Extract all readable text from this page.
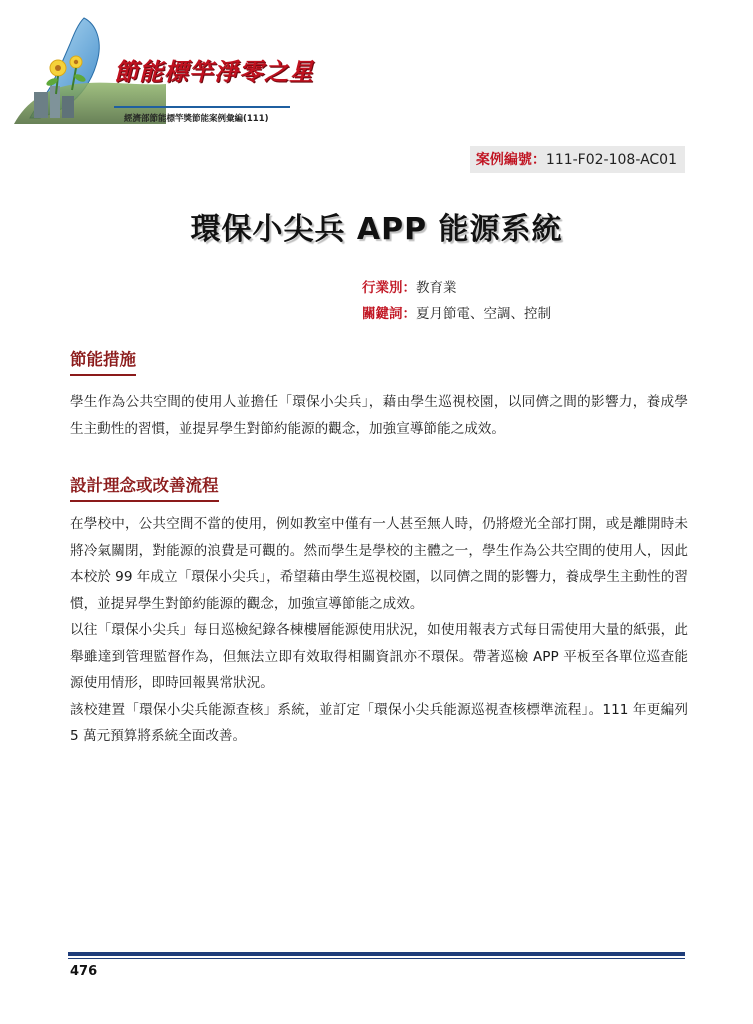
節能標竿淨零之星
經濟部節能標竿獎節能案例彙編(111)
案例編號：111-F02-108-AC01
環保小尖兵 APP 能源系統
行業別：教育業
關鍵詞：夏月節電、空調、控制
節能措施

學生作為公共空間的使用人並擔任「環保小尖兵」，藉由學生巡視校園，以同儕之間的影響力，養成學生主動性的習慣，並提昇學生對節約能源的觀念，加強宣導節能之成效。

設計理念或改善流程

在學校中，公共空間不當的使用，例如教室中僅有一人甚至無人時，仍將燈光全部打開，或是離開時未將冷氣關閉，對能源的浪費是可觀的。然而學生是學校的主體之一，學生作為公共空間的使用人，因此本校於 99 年成立「環保小尖兵」，希望藉由學生巡視校園，以同儕之間的影響力，養成學生主動性的習慣，並提昇學生對節約能源的觀念，加強宣導節能之成效。

以往「環保小尖兵」每日巡檢紀錄各棟樓層能源使用狀況，如使用報表方式每日需使用大量的紙張，此舉雖達到管理監督作為，但無法立即有效取得相關資訊亦不環保。帶著巡檢 APP 平板至各單位巡查能源使用情形，即時回報異常狀況。

該校建置「環保小尖兵能源查核」系統，並訂定「環保小尖兵能源巡視查核標準流程」。111 年更編列 5 萬元預算將系統全面改善。

476
